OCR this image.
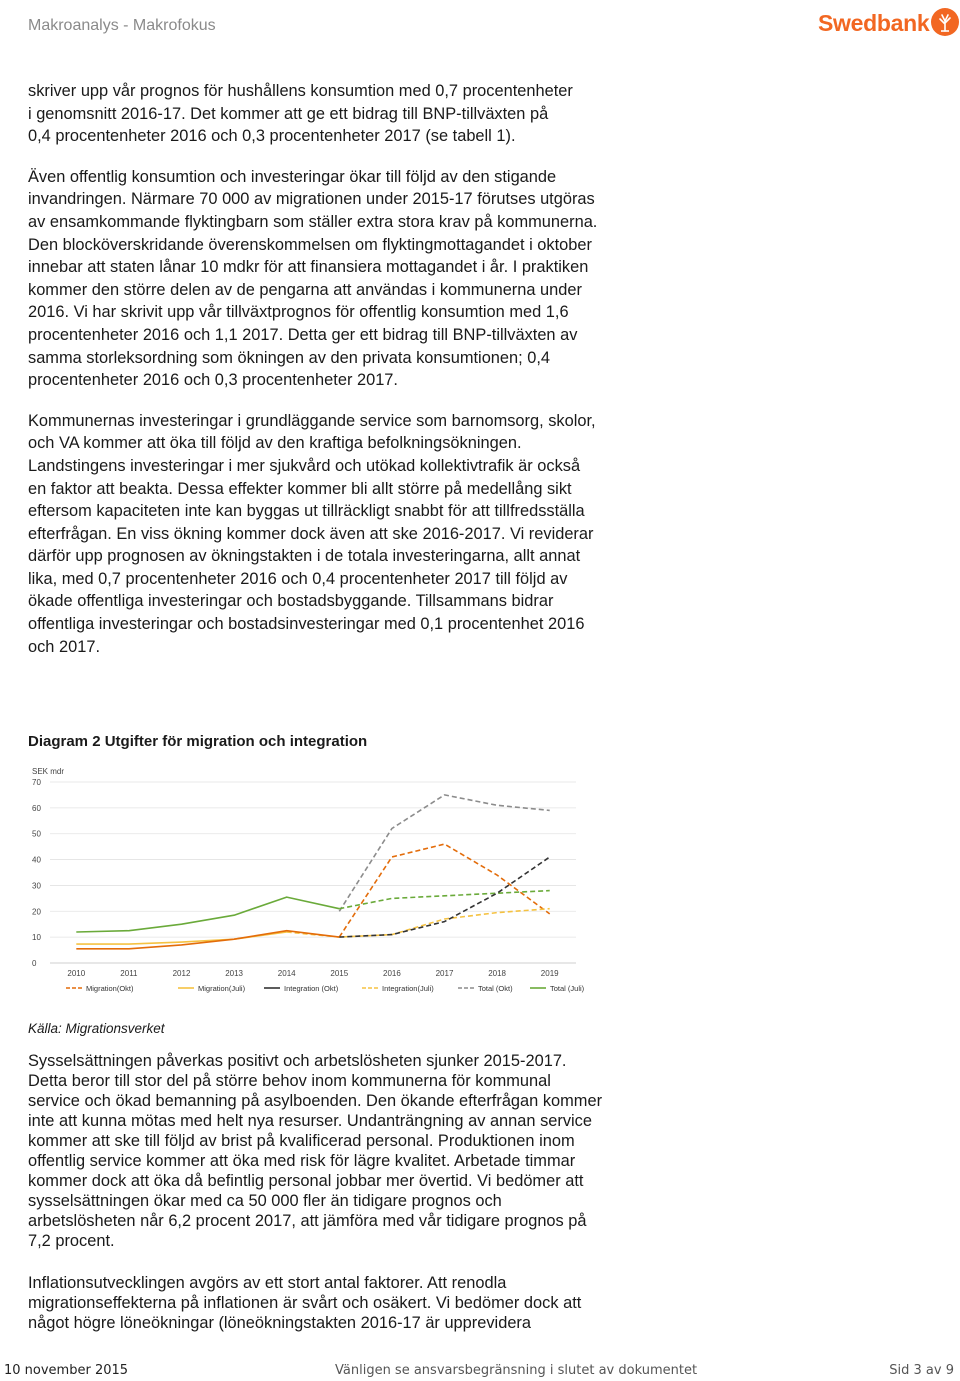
Makroanalys - Makrofokus	Swedbank

skriver upp vår prognos för hushållens konsumtion med 0,7 procentenheter i genomsnitt 2016-17. Det kommer att ge ett bidrag till BNP-tillväxten på 0,4 procentenheter 2016 och 0,3 procentenheter 2017 (se tabell 1).

Även offentlig konsumtion och investeringar ökar till följd av den stigande invandringen. Närmare 70 000 av migrationen under 2015-17 förutses utgöras av ensamkommande flyktingbarn som ställer extra stora krav på kommunerna. Den blocköverskridande överenskommelsen om flyktingmottagandet i oktober innebar att staten lånar 10 mdkr för att finansiera mottagandet i år. I praktiken kommer den större delen av de pengarna att användas i kommunerna under 2016. Vi har skrivit upp vår tillväxtprognos för offentlig konsumtion med 1,6 procentenheter 2016 och 1,1 2017. Detta ger ett bidrag till BNP-tillväxten av samma storleksordning som ökningen av den privata konsumtionen; 0,4 procentenheter 2016 och 0,3 procentenheter 2017.

Kommunernas investeringar i grundläggande service som barnomsorg, skolor, och VA kommer att öka till följd av den kraftiga befolkningsökningen. Landstingens investeringar i mer sjukvård och utökad kollektivtrafik är också en faktor att beakta. Dessa effekter kommer bli allt större på medellång sikt eftersom kapaciteten inte kan byggas ut tillräckligt snabbt för att tillfredsställa efterfrågan. En viss ökning kommer dock även att ske 2016-2017. Vi reviderar därför upp prognosen av ökningstakten i de totala investeringarna, allt annat lika, med 0,7 procentenheter 2016 och 0,4 procentenheter 2017 till följd av ökade offentliga investeringar och bostadsbyggande. Tillsammans bidrar offentliga investeringar och bostadsinvesteringar med 0,1 procentenhet 2016 och 2017.

Diagram 2 Utgifter för migration och integration
SEK mdr
0
10
20
30
40
50
60
70
2010	2011	2012	2013	2014	2015	2016	2017	2018	2019
Migration(Okt)	Migration(Juli)	Integration (Okt)	Integration(Juli)	Total (Okt)	Total (Juli)
Källa: Migrationsverket

Sysselsättningen påverkas positivt och arbetslösheten sjunker 2015-2017. Detta beror till stor del på större behov inom kommunerna för kommunal service och ökad bemanning på asylboenden. Den ökande efterfrågan kommer inte att kunna mötas med helt nya resurser. Undanträngning av annan service kommer att ske till följd av brist på kvalificerad personal. Produktionen inom offentlig service kommer att öka med risk för lägre kvalitet. Arbetade timmar kommer dock att öka då befintlig personal jobbar mer övertid. Vi bedömer att sysselsättningen ökar med ca 50 000 fler än tidigare prognos och arbetslösheten når 6,2 procent 2017, att jämföra med vår tidigare prognos på 7,2 procent.

Inflationsutvecklingen avgörs av ett stort antal faktorer. Att renodla migrationseffekterna på inflationen är svårt och osäkert. Vi bedömer dock att något högre löneökningar (löneökningstakten 2016-17 är upprevidera

10 november 2015	Vänligen se ansvarsbegränsning i slutet av dokumentet	Sid 3 av 9
